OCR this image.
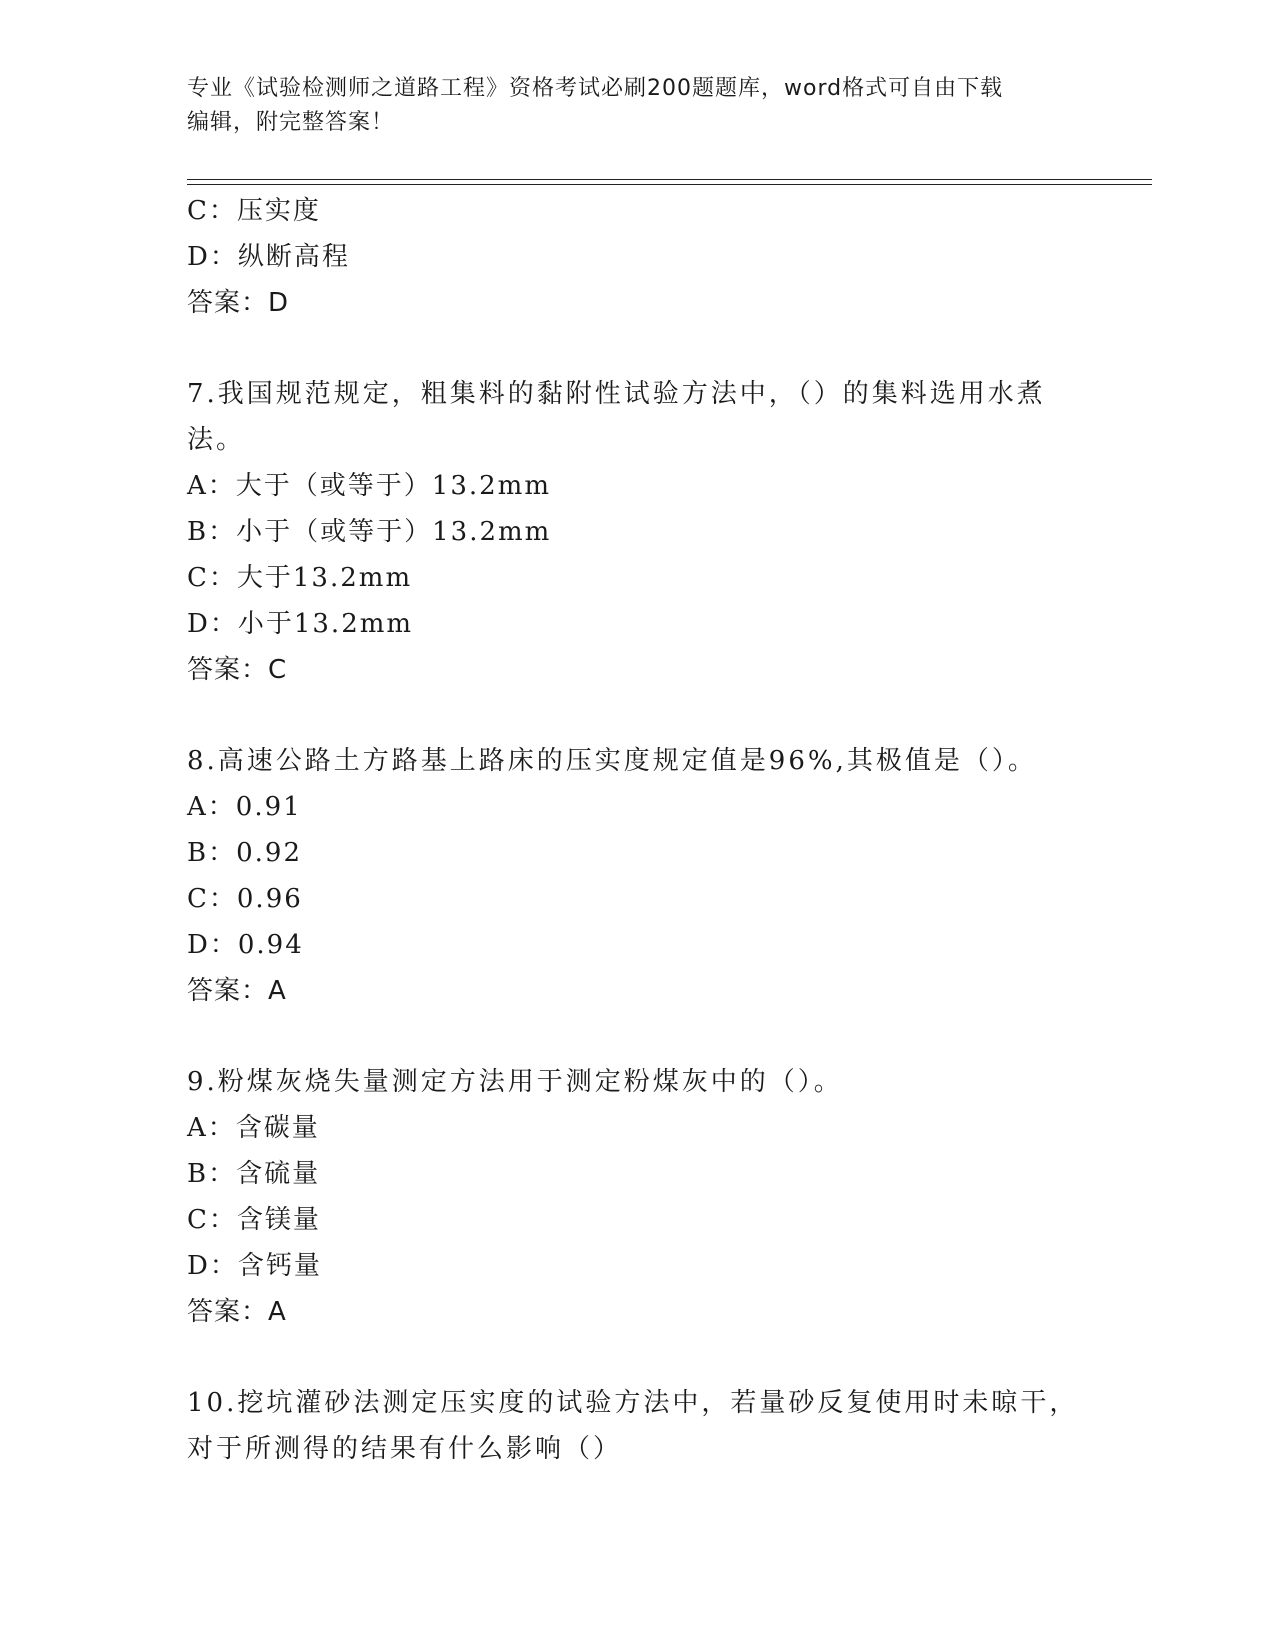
专业《试验检测师之道路工程》资格考试必刷200题题库，word格式可自由下载
编辑，附完整答案！
C：压实度
D：纵断高程
答案：D
7.我国规范规定，粗集料的黏附性试验方法中，（）的集料选用水煮
法。
A：大于（或等于）13.2mm
B：小于（或等于）13.2mm
C：大于13.2mm
D：小于13.2mm
答案：C
8.高速公路土方路基上路床的压实度规定值是96%,其极值是（）。
A：0.91
B：0.92
C：0.96
D：0.94
答案：A
9.粉煤灰烧失量测定方法用于测定粉煤灰中的（）。
A：含碳量
B：含硫量
C：含镁量
D：含钙量
答案：A
10.挖坑灌砂法测定压实度的试验方法中，若量砂反复使用时未晾干，
对于所测得的结果有什么影响（）
